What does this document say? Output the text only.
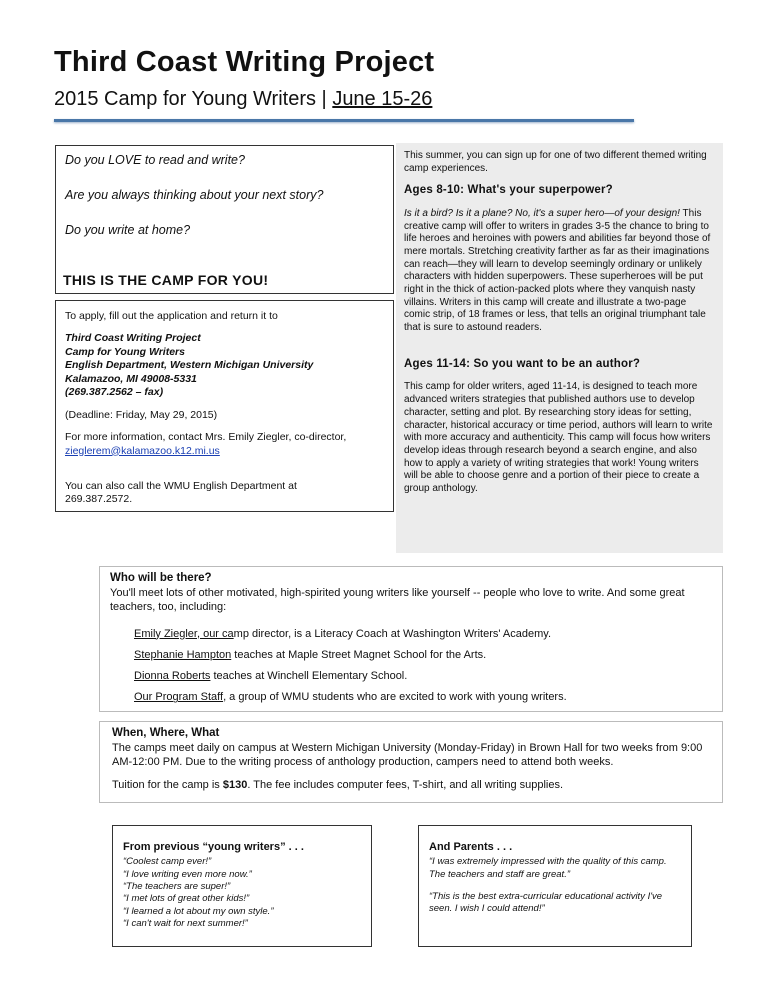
Third Coast Writing Project
2015 Camp for Young Writers | June 15-26

Do you LOVE to read and write?

Are you always thinking about your next story?

Do you write at home?

THIS IS THE CAMP FOR YOU!

To apply, fill out the application and return it to

Third Coast Writing Project
Camp for Young Writers
English Department, Western Michigan University
Kalamazoo, MI 49008-5331
(269.387.2562 – fax)

(Deadline: Friday, May 29, 2015)

For more information, contact Mrs. Emily Ziegler, co-director,
zieglerem@kalamazoo.k12.mi.us

You can also call the WMU English Department at
269.387.2572.

This summer, you can sign up for one of two different themed writing camp experiences.

Ages 8-10: What's your superpower?

Is it a bird? Is it a plane? No, it's a super hero—of your design! This creative camp will offer to writers in grades 3-5 the chance to bring to life heroes and heroines with powers and abilities far beyond those of mere mortals. Stretching creativity farther as far as their imaginations can reach—they will learn to develop seemingly ordinary or unlikely characters with hidden superpowers. These superheroes will be put right in the thick of action-packed plots where they vanquish nasty villains. Writers in this camp will create and illustrate a two-page comic strip, of 18 frames or less, that tells an original triumphant tale that is sure to astound readers.

Ages 11-14: So you want to be an author?

This camp for older writers, aged 11-14, is designed to teach more advanced writers strategies that published authors use to develop character, setting and plot. By researching story ideas for setting, character, historical accuracy or time period, authors will learn to write with more accuracy and authenticity. This camp will focus how writers develop ideas through research beyond a search engine, and also how to apply a variety of writing strategies that work! Young writers will be able to choose genre and a portion of their piece to create a group anthology.

Who will be there?
You'll meet lots of other motivated, high-spirited young writers like yourself -- people who love to write. And some great teachers, too, including:
Emily Ziegler, our camp director, is a Literacy Coach at Washington Writers' Academy.
Stephanie Hampton teaches at Maple Street Magnet School for the Arts.
Dionna Roberts teaches at Winchell Elementary School.
Our Program Staff, a group of WMU students who are excited to work with young writers.
When, Where, What
The camps meet daily on campus at Western Michigan University (Monday-Friday) in Brown Hall for two weeks from 9:00 AM-12:00 PM. Due to the writing process of anthology production, campers need to attend both weeks.
Tuition for the camp is $130. The fee includes computer fees, T-shirt, and all writing supplies.
From previous “young writers” . . .
“Coolest camp ever!”
“I love writing even more now.”
“The teachers are super!”
“I met lots of great other kids!”
“I learned a lot about my own style.”
“I can't wait for next summer!”
And Parents . . .
“I was extremely impressed with the quality of this camp. The teachers and staff are great.”
“This is the best extra-curricular educational activity I've seen. I wish I could attend!”
